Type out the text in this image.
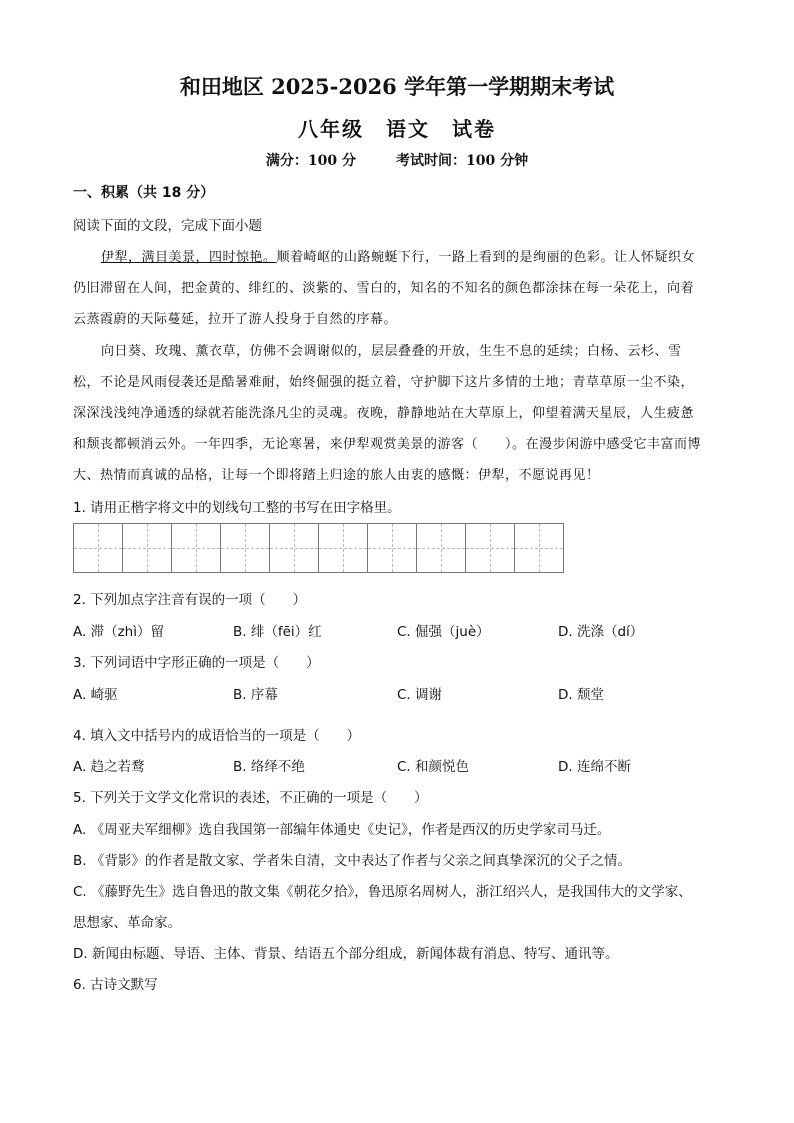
和田地区 2025-2026 学年第一学期期末考试
八年级　语文　试卷
满分：100 分	考试时间：100 分钟
一、积累（共 18 分）
阅读下面的文段，完成下面小题
伊犁，满目美景，四时惊艳。顺着崎岖的山路蜿蜒下行，一路上看到的是绚丽的色彩。让人怀疑织女
仍旧滞留在人间，把金黄的、绯红的、淡紫的、雪白的，知名的不知名的颜色都涂抹在每一朵花上，向着
云蒸霞蔚的天际蔓延，拉开了游人投身于自然的序幕。
向日葵、玫瑰、薰衣草，仿佛不会调谢似的，层层叠叠的开放，生生不息的延续；白杨、云杉、雪
松，不论是风雨侵袭还是酷暑难耐，始终倔强的挺立着，守护脚下这片多情的土地；青草草原一尘不染，
深深浅浅纯净通透的绿就若能洗涤凡尘的灵魂。夜晚，静静地站在大草原上，仰望着满天星辰，人生疲惫
和颓丧都顿消云外。一年四季，无论寒暑，来伊犁观赏美景的游客（　　）。在漫步闲游中感受它丰富而博
大、热情而真诚的品格，让每一个即将踏上归途的旅人由衷的感慨：伊犁，不愿说再见！
1. 请用正楷字将文中的划线句工整的书写在田字格里。
2. 下列加点字注音有误的一项（　　）
A. 滞（zhì）留	B. 绯（fēi）红	C. 倔强（juè）	D. 洗涤（dí）
3. 下列词语中字形正确的一项是（　　）
A. 崎驱	B. 序幕	C. 调谢	D. 颓堂
4. 填入文中括号内的成语恰当的一项是（　　）
A. 趋之若鹜	B. 络绎不绝	C. 和颜悦色	D. 连绵不断
5. 下列关于文学文化常识的表述，不正确的一项是（　　）
A. 《周亚夫军细柳》选自我国第一部编年体通史《史记》，作者是西汉的历史学家司马迁。
B. 《背影》的作者是散文家、学者朱自清，文中表达了作者与父亲之间真挚深沉的父子之情。
C. 《藤野先生》选自鲁迅的散文集《朝花夕拾》，鲁迅原名周树人，浙江绍兴人，是我国伟大的文学家、
思想家、革命家。
D. 新闻由标题、导语、主体、背景、结语五个部分组成，新闻体裁有消息、特写、通讯等。
6. 古诗文默写
